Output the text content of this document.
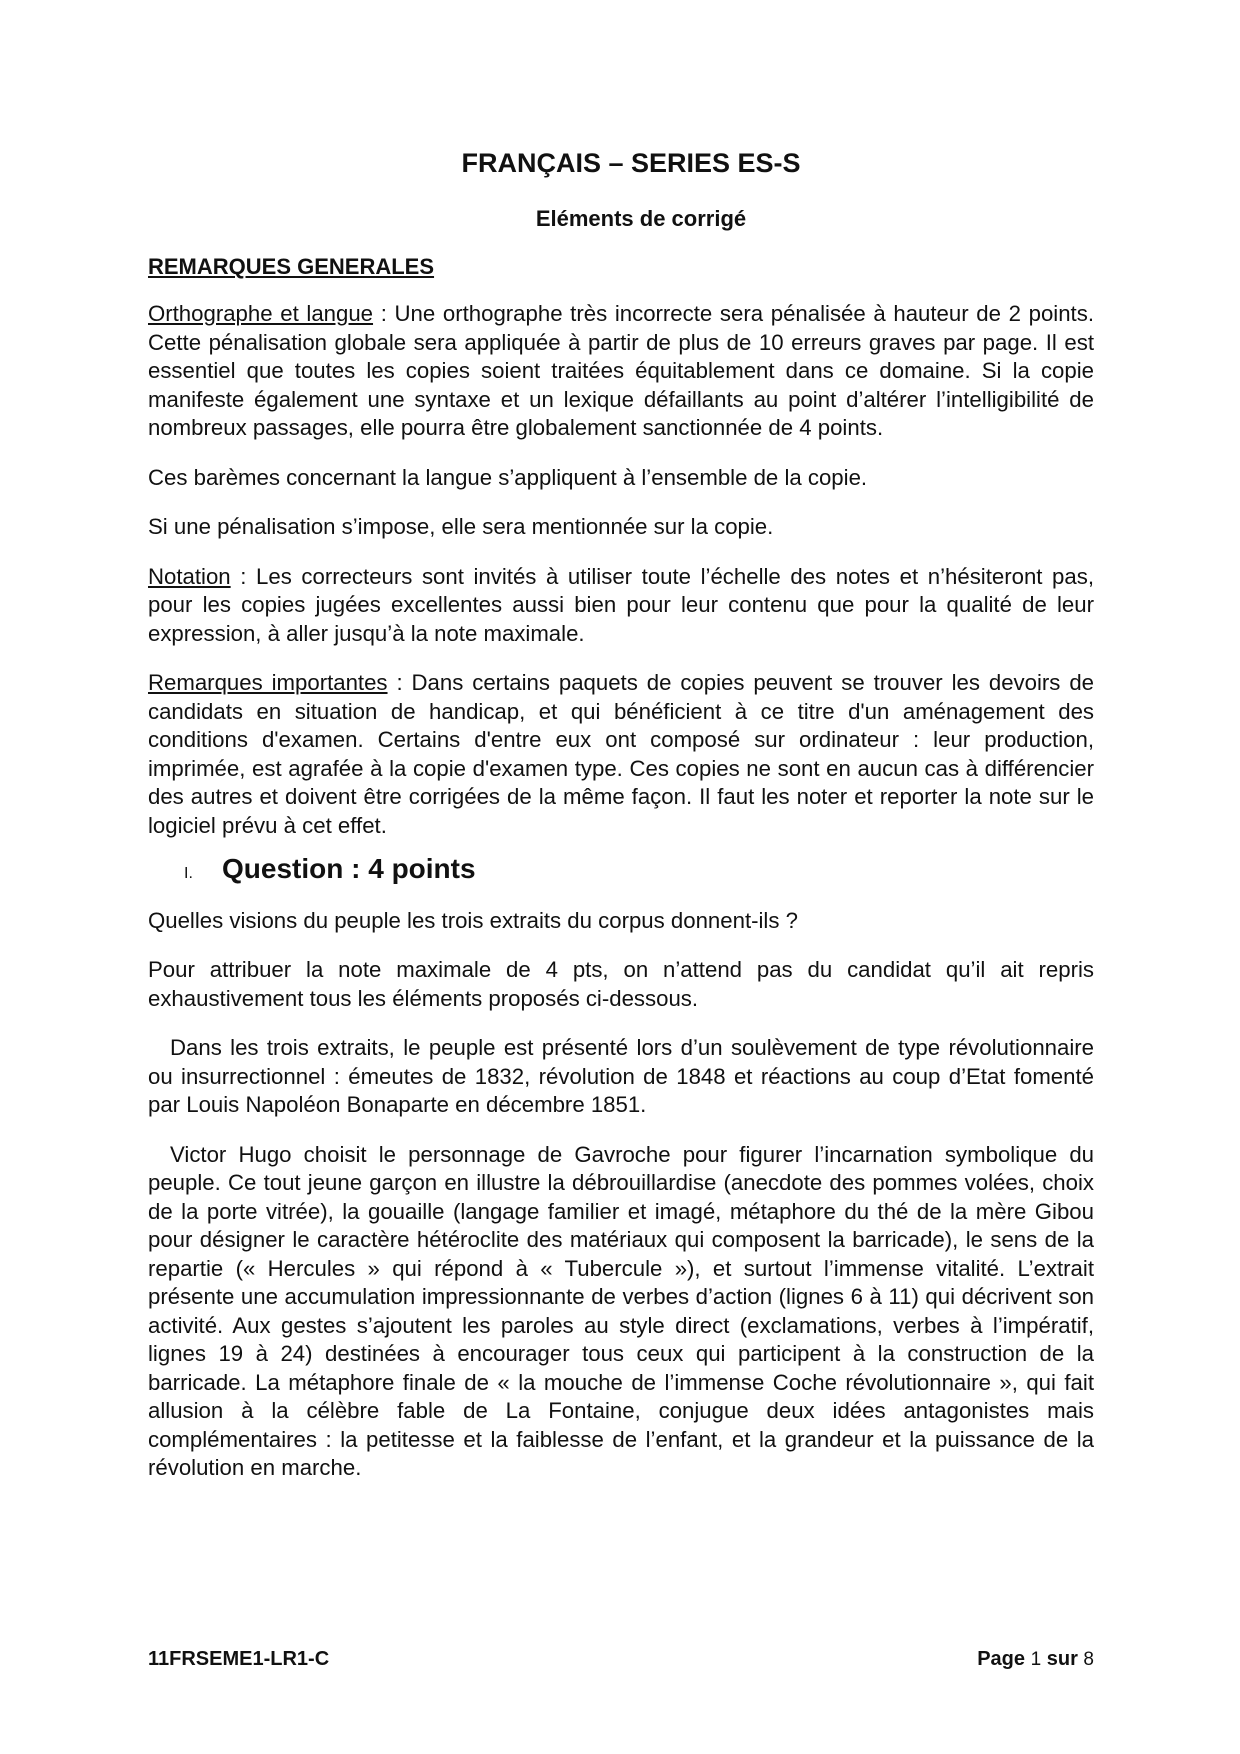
FRANÇAIS – SERIES ES-S
Eléments de corrigé
REMARQUES GENERALES

Orthographe et langue : Une orthographe très incorrecte sera pénalisée à hauteur de 2 points. Cette pénalisation globale sera appliquée à partir de plus de 10 erreurs graves par page. Il est essentiel que toutes les copies soient traitées équitablement dans ce domaine. Si la copie manifeste également une syntaxe et un lexique défaillants au point d’altérer l’intelligibilité de nombreux passages, elle pourra être globalement sanctionnée de 4 points.

Ces barèmes concernant la langue s’appliquent à l’ensemble de la copie.

Si une pénalisation s’impose, elle sera mentionnée sur la copie.

Notation : Les correcteurs sont invités à utiliser toute l’échelle des notes et n’hésiteront pas, pour les copies jugées excellentes aussi bien pour leur contenu que pour la qualité de leur expression, à aller jusqu’à la note maximale.

Remarques importantes : Dans certains paquets de copies peuvent se trouver les devoirs de candidats en situation de handicap, et qui bénéficient à ce titre d'un aménagement des conditions d'examen. Certains d'entre eux ont composé sur ordinateur : leur production, imprimée, est agrafée à la copie d'examen type. Ces copies ne sont en aucun cas à différencier des autres et doivent être corrigées de la même façon. Il faut les noter et reporter la note sur le logiciel prévu à cet effet.

I.	Question : 4 points

Quelles visions du peuple les trois extraits du corpus donnent-ils ?

Pour attribuer la note maximale de 4 pts, on n’attend pas du candidat qu’il ait repris exhaustivement tous les éléments proposés ci-dessous.

Dans les trois extraits, le peuple est présenté lors d’un soulèvement de type révolutionnaire ou insurrectionnel : émeutes de 1832, révolution de 1848 et réactions au coup d’Etat fomenté par Louis Napoléon Bonaparte en décembre 1851.

Victor Hugo choisit le personnage de Gavroche pour figurer l’incarnation symbolique du peuple. Ce tout jeune garçon en illustre la débrouillardise (anecdote des pommes volées, choix de la porte vitrée), la gouaille (langage familier et imagé, métaphore du thé de la mère Gibou pour désigner le caractère hétéroclite des matériaux qui composent la barricade), le sens de la repartie (« Hercules » qui répond à « Tubercule »), et surtout l’immense vitalité. L’extrait présente une accumulation impressionnante de verbes d’action (lignes 6 à 11) qui décrivent son activité. Aux gestes s’ajoutent les paroles au style direct (exclamations, verbes à l’impératif, lignes 19 à 24) destinées à encourager tous ceux qui participent à la construction de la barricade. La métaphore finale de « la mouche de l’immense Coche révolutionnaire », qui fait allusion à la célèbre fable de La Fontaine, conjugue deux idées antagonistes mais complémentaires : la petitesse et la faiblesse de l’enfant, et la grandeur et la puissance de la révolution en marche.

11FRSEME1-LR1-C	Page 1 sur 8
